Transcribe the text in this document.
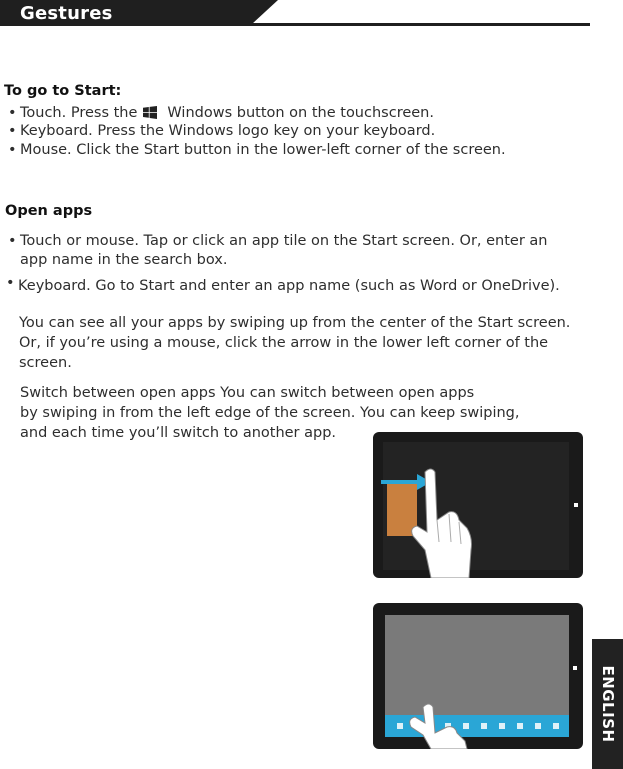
Gestures
To go to Start:
• Touch. Press the Windows button on the touchscreen.
• Keyboard. Press the Windows logo key on your keyboard.
• Mouse. Click the Start button in the lower-left corner of the screen.
Open apps
• Touch or mouse. Tap or click an app tile on the Start screen. Or, enter an
app name in the search box.
• Keyboard. Go to Start and enter an app name (such as Word or OneDrive).
You can see all your apps by swiping up from the center of the Start screen.
Or, if you’re using a mouse, click the arrow in the lower left corner of the
screen.
Switch between open apps You can switch between open apps
by swiping in from the left edge of the screen. You can keep swiping,
and each time you’ll switch to another app.
ENGLISH
